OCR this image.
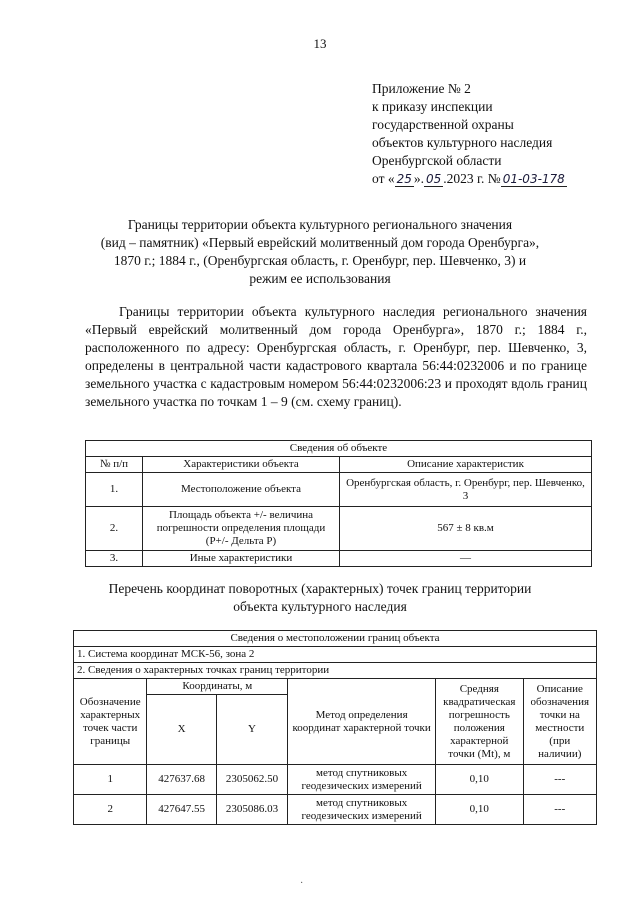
13
Приложение № 2
к приказу инспекции
государственной охраны
объектов культурного наследия
Оренбургской области
от « 25 ». 05 .2023 г. № 01-03-178
Границы территории объекта культурного регионального значения
(вид – памятник) «Первый еврейский молитвенный дом города Оренбурга»,
1870 г.; 1884 г., (Оренбургская область, г. Оренбург, пер. Шевченко, 3) и
режим ее использования

Границы территории объекта культурного наследия регионального значения «Первый еврейский молитвенный дом города Оренбурга», 1870 г.; 1884 г., расположенного по адресу: Оренбургская область, г. Оренбург, пер. Шевченко, 3, определены в центральной части кадастрового квартала 56:44:0232006 и по границе земельного участка с кадастровым номером 56:44:0232006:23 и проходят вдоль границ земельного участка по точкам 1 – 9 (см. схему границ).

Сведения об объекте		
№ п/п	Характеристики объекта	Описание характеристик
1.	Местоположение объекта	Оренбургская область, г. Оренбург, пер. Шевченко, 3
2.	Площадь объекта +/- величина погрешности определения площади (P+/- Дельта P)	567 ± 8 кв.м
3.	Иные характеристики	—
Перечень координат поворотных (характерных) точек границ территории
объекта культурного наследия
Сведения о местоположении границ объекта					
1. Система координат МСК-56, зона 2					
2. Сведения о характерных точках границ территории					
Обозначение характерных точек части границы	Координаты, м		Метод определения координат характерной точки	Средняя квадратическая погрешность положения характерной точки (Mt), м	Описание обозначения точки на местности (при наличии)
	X	Y			
1	427637.68	2305062.50	метод спутниковых геодезических измерений	0,10	---
2	427647.55	2305086.03	метод спутниковых геодезических измерений	0,10	---
·
